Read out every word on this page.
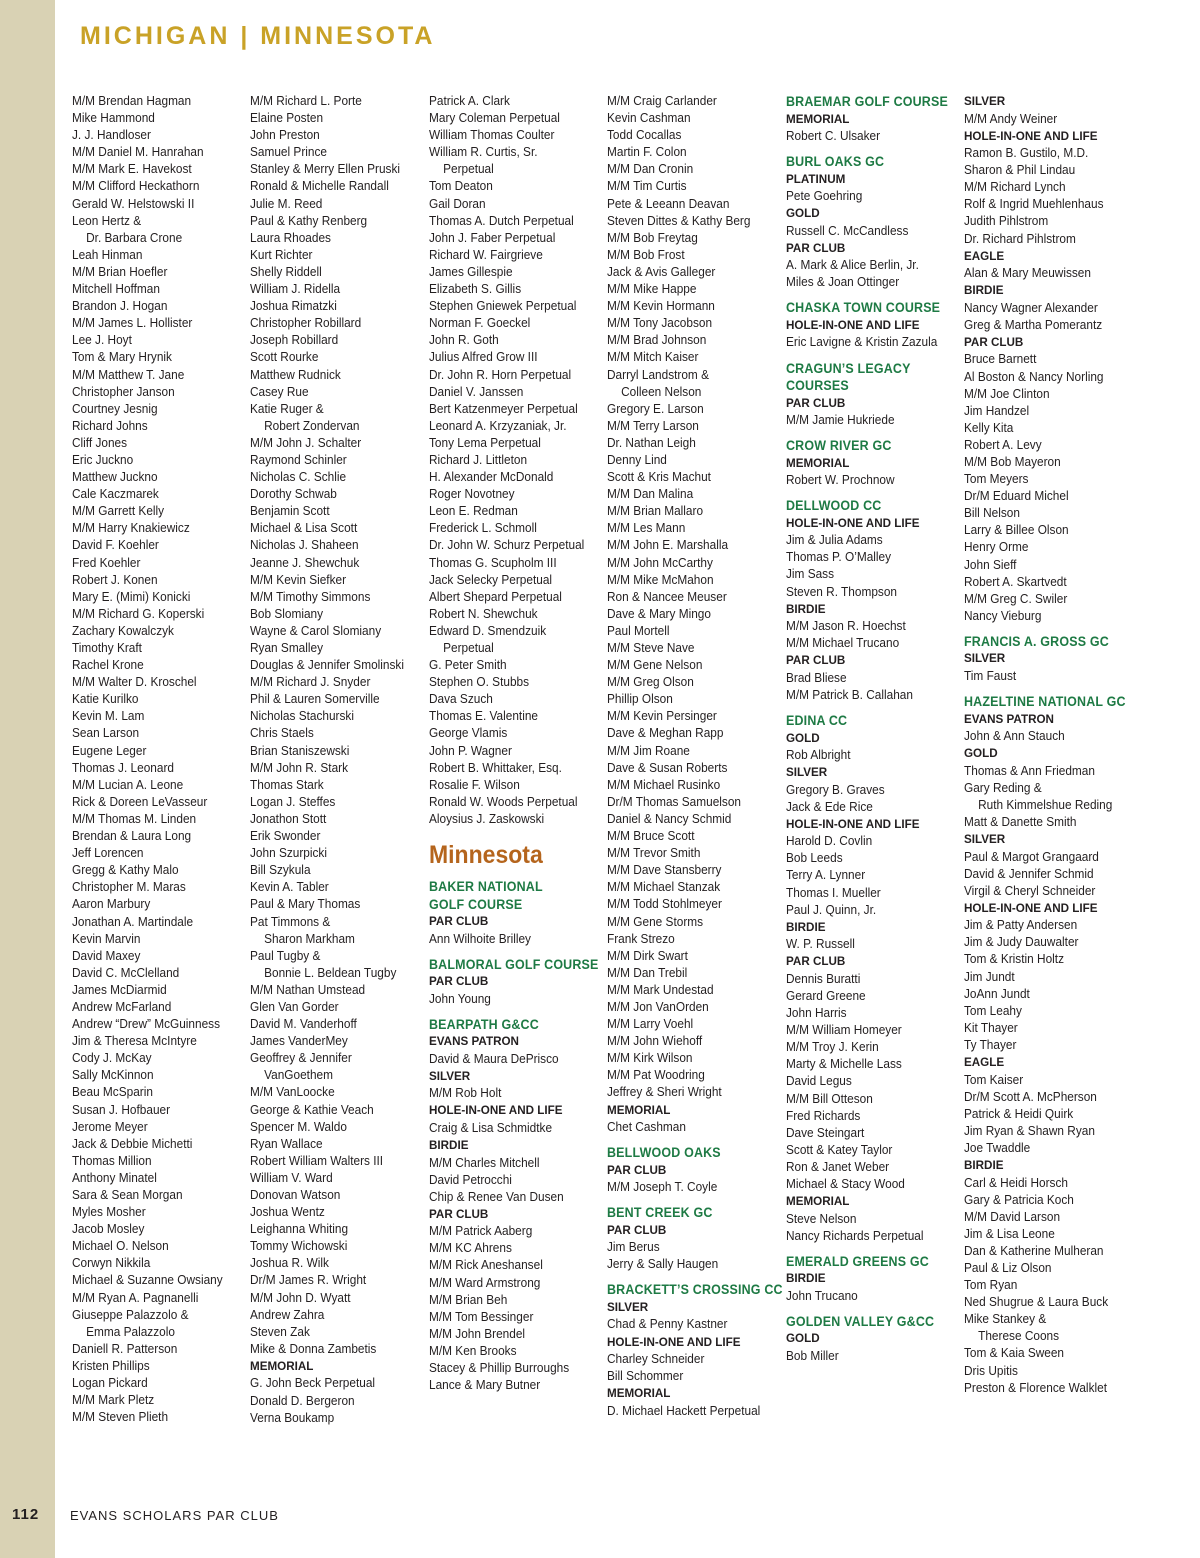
MICHIGAN | MINNESOTA
M/M Brendan Hagman
Mike Hammond
J. J. Handloser
M/M Daniel M. Hanrahan
M/M Mark E. Havekost
M/M Clifford Heckathorn
Gerald W. Helstowski II
Leon Hertz &
Dr. Barbara Crone
Leah Hinman
M/M Brian Hoefler
Mitchell Hoffman
Brandon J. Hogan
M/M James L. Hollister
Lee J. Hoyt
Tom & Mary Hrynik
M/M Matthew T. Jane
Christopher Janson
Courtney Jesnig
Richard Johns
Cliff Jones
Eric Juckno
Matthew Juckno
Cale Kaczmarek
M/M Garrett Kelly
M/M Harry Knakiewicz
David F. Koehler
Fred Koehler
Robert J. Konen
Mary E. (Mimi) Konicki
M/M Richard G. Koperski
Zachary Kowalczyk
Timothy Kraft
Rachel Krone
M/M Walter D. Kroschel
Katie Kurilko
Kevin M. Lam
Sean Larson
Eugene Leger
Thomas J. Leonard
M/M Lucian A. Leone
Rick & Doreen LeVasseur
M/M Thomas M. Linden
Brendan & Laura Long
Jeff Lorencen
Gregg & Kathy Malo
Christopher M. Maras
Aaron Marbury
Jonathan A. Martindale
Kevin Marvin
David Maxey
David C. McClelland
James McDiarmid
Andrew McFarland
Andrew “Drew” McGuinness
Jim & Theresa McIntyre
Cody J. McKay
Sally McKinnon
Beau McSparin
Susan J. Hofbauer
Jerome Meyer
Jack & Debbie Michetti
Thomas Million
Anthony Minatel
Sara & Sean Morgan
Myles Mosher
Jacob Mosley
Michael O. Nelson
Corwyn Nikkila
Michael & Suzanne Owsiany
M/M Ryan A. Pagnanelli
Giuseppe Palazzolo &
Emma Palazzolo
Daniell R. Patterson
Kristen Phillips
Logan Pickard
M/M Mark Pletz
M/M Steven Plieth
M/M Richard L. Porte
Elaine Posten
John Preston
Samuel Prince
Stanley & Merry Ellen Pruski
Ronald & Michelle Randall
Julie M. Reed
Paul & Kathy Renberg
Laura Rhoades
Kurt Richter
Shelly Riddell
William J. Ridella
Joshua Rimatzki
Christopher Robillard
Joseph Robillard
Scott Rourke
Matthew Rudnick
Casey Rue
Katie Ruger &
Robert Zondervan
M/M John J. Schalter
Raymond Schinler
Nicholas C. Schlie
Dorothy Schwab
Benjamin Scott
Michael & Lisa Scott
Nicholas J. Shaheen
Jeanne J. Shewchuk
M/M Kevin Siefker
M/M Timothy Simmons
Bob Slomiany
Wayne & Carol Slomiany
Ryan Smalley
Douglas & Jennifer Smolinski
M/M Richard J. Snyder
Phil & Lauren Somerville
Nicholas Stachurski
Chris Staels
Brian Staniszewski
M/M John R. Stark
Thomas Stark
Logan J. Steffes
Jonathon Stott
Erik Swonder
John Szurpicki
Bill Szykula
Kevin A. Tabler
Paul & Mary Thomas
Pat Timmons &
Sharon Markham
Paul Tugby &
Bonnie L. Beldean Tugby
M/M Nathan Umstead
Glen Van Gorder
David M. Vanderhoff
James VanderMey
Geoffrey & Jennifer
VanGoethem
M/M VanLoocke
George & Kathie Veach
Spencer M. Waldo
Ryan Wallace
Robert William Walters III
William V. Ward
Donovan Watson
Joshua Wentz
Leighanna Whiting
Tommy Wichowski
Joshua R. Wilk
Dr/M James R. Wright
M/M John D. Wyatt
Andrew Zahra
Steven Zak
Mike & Donna Zambetis
MEMORIAL
G. John Beck Perpetual
Donald D. Bergeron
Verna Boukamp
Patrick A. Clark
Mary Coleman Perpetual
William Thomas Coulter
William R. Curtis, Sr.
Perpetual
Tom Deaton
Gail Doran
Thomas A. Dutch Perpetual
John J. Faber Perpetual
Richard W. Fairgrieve
James Gillespie
Elizabeth S. Gillis
Stephen Gniewek Perpetual
Norman F. Goeckel
John R. Goth
Julius Alfred Grow III
Dr. John R. Horn Perpetual
Daniel V. Janssen
Bert Katzenmeyer Perpetual
Leonard A. Krzyzaniak, Jr.
Tony Lema Perpetual
Richard J. Littleton
H. Alexander McDonald
Roger Novotney
Leon E. Redman
Frederick L. Schmoll
Dr. John W. Schurz Perpetual
Thomas G. Scupholm III
Jack Selecky Perpetual
Albert Shepard Perpetual
Robert N. Shewchuk
Edward D. Smendzuik
Perpetual
G. Peter Smith
Stephen O. Stubbs
Dava Szuch
Thomas E. Valentine
George Vlamis
John P. Wagner
Robert B. Whittaker, Esq.
Rosalie F. Wilson
Ronald W. Woods Perpetual
Aloysius J. Zaskowski
Minnesota
BAKER NATIONAL
GOLF COURSE
PAR CLUB
Ann Wilhoite Brilley
BALMORAL GOLF COURSE
PAR CLUB
John Young
BEARPATH G&CC
EVANS PATRON
David & Maura DePrisco
SILVER
M/M Rob Holt
HOLE-IN-ONE AND LIFE
Craig & Lisa Schmidtke
BIRDIE
M/M Charles Mitchell
David Petrocchi
Chip & Renee Van Dusen
PAR CLUB
M/M Patrick Aaberg
M/M KC Ahrens
M/M Rick Aneshansel
M/M Ward Armstrong
M/M Brian Beh
M/M Tom Bessinger
M/M John Brendel
M/M Ken Brooks
Stacey & Phillip Burroughs
Lance & Mary Butner
M/M Craig Carlander
Kevin Cashman
Todd Cocallas
Martin F. Colon
M/M Dan Cronin
M/M Tim Curtis
Pete & Leeann Deavan
Steven Dittes & Kathy Berg
M/M Bob Freytag
M/M Bob Frost
Jack & Avis Galleger
M/M Mike Happe
M/M Kevin Hormann
M/M Tony Jacobson
M/M Brad Johnson
M/M Mitch Kaiser
Darryl Landstrom &
Colleen Nelson
Gregory E. Larson
M/M Terry Larson
Dr. Nathan Leigh
Denny Lind
Scott & Kris Machut
M/M Dan Malina
M/M Brian Mallaro
M/M Les Mann
M/M John E. Marshalla
M/M John McCarthy
M/M Mike McMahon
Ron & Nancee Meuser
Dave & Mary Mingo
Paul Mortell
M/M Steve Nave
M/M Gene Nelson
M/M Greg Olson
Phillip Olson
M/M Kevin Persinger
Dave & Meghan Rapp
M/M Jim Roane
Dave & Susan Roberts
M/M Michael Rusinko
Dr/M Thomas Samuelson
Daniel & Nancy Schmid
M/M Bruce Scott
M/M Trevor Smith
M/M Dave Stansberry
M/M Michael Stanzak
M/M Todd Stohlmeyer
M/M Gene Storms
Frank Strezo
M/M Dirk Swart
M/M Dan Trebil
M/M Mark Undestad
M/M Jon VanOrden
M/M Larry Voehl
M/M John Wiehoff
M/M Kirk Wilson
M/M Pat Woodring
Jeffrey & Sheri Wright
MEMORIAL
Chet Cashman
BELLWOOD OAKS
PAR CLUB
M/M Joseph T. Coyle
BENT CREEK GC
PAR CLUB
Jim Berus
Jerry & Sally Haugen
BRACKETT’S CROSSING CC
SILVER
Chad & Penny Kastner
HOLE-IN-ONE AND LIFE
Charley Schneider
Bill Schommer
MEMORIAL
D. Michael Hackett Perpetual
BRAEMAR GOLF COURSE
MEMORIAL
Robert C. Ulsaker
BURL OAKS GC
PLATINUM
Pete Goehring
GOLD
Russell C. McCandless
PAR CLUB
A. Mark & Alice Berlin, Jr.
Miles & Joan Ottinger
CHASKA TOWN COURSE
HOLE-IN-ONE AND LIFE
Eric Lavigne & Kristin Zazula
CRAGUN’S LEGACY
COURSES
PAR CLUB
M/M Jamie Hukriede
CROW RIVER GC
MEMORIAL
Robert W. Prochnow
DELLWOOD CC
HOLE-IN-ONE AND LIFE
Jim & Julia Adams
Thomas P. O’Malley
Jim Sass
Steven R. Thompson
BIRDIE
M/M Jason R. Hoechst
M/M Michael Trucano
PAR CLUB
Brad Bliese
M/M Patrick B. Callahan
EDINA CC
GOLD
Rob Albright
SILVER
Gregory B. Graves
Jack & Ede Rice
HOLE-IN-ONE AND LIFE
Harold D. Covlin
Bob Leeds
Terry A. Lynner
Thomas I. Mueller
Paul J. Quinn, Jr.
BIRDIE
W. P. Russell
PAR CLUB
Dennis Buratti
Gerard Greene
John Harris
M/M William Homeyer
M/M Troy J. Kerin
Marty & Michelle Lass
David Legus
M/M Bill Otteson
Fred Richards
Dave Steingart
Scott & Katey Taylor
Ron & Janet Weber
Michael & Stacy Wood
MEMORIAL
Steve Nelson
Nancy Richards Perpetual
EMERALD GREENS GC
BIRDIE
John Trucano
GOLDEN VALLEY G&CC
GOLD
Bob Miller
SILVER
M/M Andy Weiner
HOLE-IN-ONE AND LIFE
Ramon B. Gustilo, M.D.
Sharon & Phil Lindau
M/M Richard Lynch
Rolf & Ingrid Muehlenhaus
Judith Pihlstrom
Dr. Richard Pihlstrom
EAGLE
Alan & Mary Meuwissen
BIRDIE
Nancy Wagner Alexander
Greg & Martha Pomerantz
PAR CLUB
Bruce Barnett
Al Boston & Nancy Norling
M/M Joe Clinton
Jim Handzel
Kelly Kita
Robert A. Levy
M/M Bob Mayeron
Tom Meyers
Dr/M Eduard Michel
Bill Nelson
Larry & Billee Olson
Henry Orme
John Sieff
Robert A. Skartvedt
M/M Greg C. Swiler
Nancy Vieburg
FRANCIS A. GROSS GC
SILVER
Tim Faust
HAZELTINE NATIONAL GC
EVANS PATRON
John & Ann Stauch
GOLD
Thomas & Ann Friedman
Gary Reding &
Ruth Kimmelshue Reding
Matt & Danette Smith
SILVER
Paul & Margot Grangaard
David & Jennifer Schmid
Virgil & Cheryl Schneider
HOLE-IN-ONE AND LIFE
Jim & Patty Andersen
Jim & Judy Dauwalter
Tom & Kristin Holtz
Jim Jundt
JoAnn Jundt
Tom Leahy
Kit Thayer
Ty Thayer
EAGLE
Tom Kaiser
Dr/M Scott A. McPherson
Patrick & Heidi Quirk
Jim Ryan & Shawn Ryan
Joe Twaddle
BIRDIE
Carl & Heidi Horsch
Gary & Patricia Koch
M/M David Larson
Jim & Lisa Leone
Dan & Katherine Mulheran
Paul & Liz Olson
Tom Ryan
Ned Shugrue & Laura Buck
Mike Stankey &
Therese Coons
Tom & Kaia Sween
Dris Upitis
Preston & Florence Walklet
112 EVANS SCHOLARS PAR CLUB
